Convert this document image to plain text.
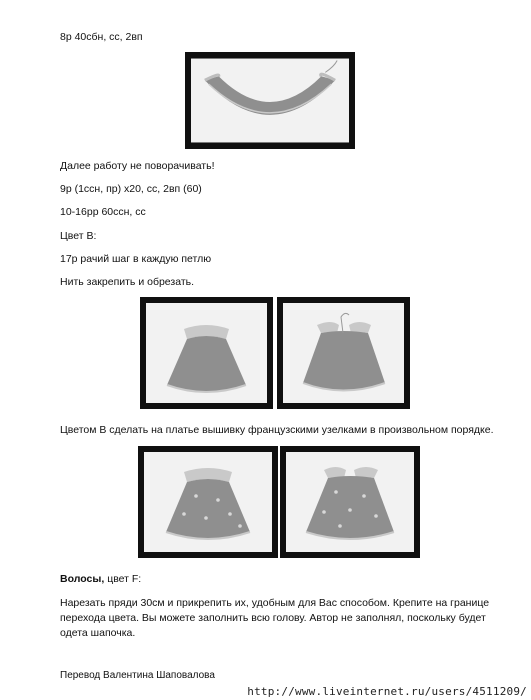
8р 40сбн, сс, 2вп
Далее работу не поворачивать!
9р (1ссн, пр) х20, сс, 2вп (60)
10-16рр 60ссн, сс
Цвет В:
17р рачий шаг в каждую петлю
Нить закрепить и обрезать.
Цветом В сделать на платье вышивку французскими узелками в произвольном порядке.
Волосы, цвет F:
Нарезать пряди 30см и прикрепить их, удобным для Вас способом. Крепите на границе перехода цвета. Вы можете заполнить всю голову. Автор не заполнял, поскольку будет одета шапочка.
Перевод Валентина Шаповалова
http://www.liveinternet.ru/users/4511209/
